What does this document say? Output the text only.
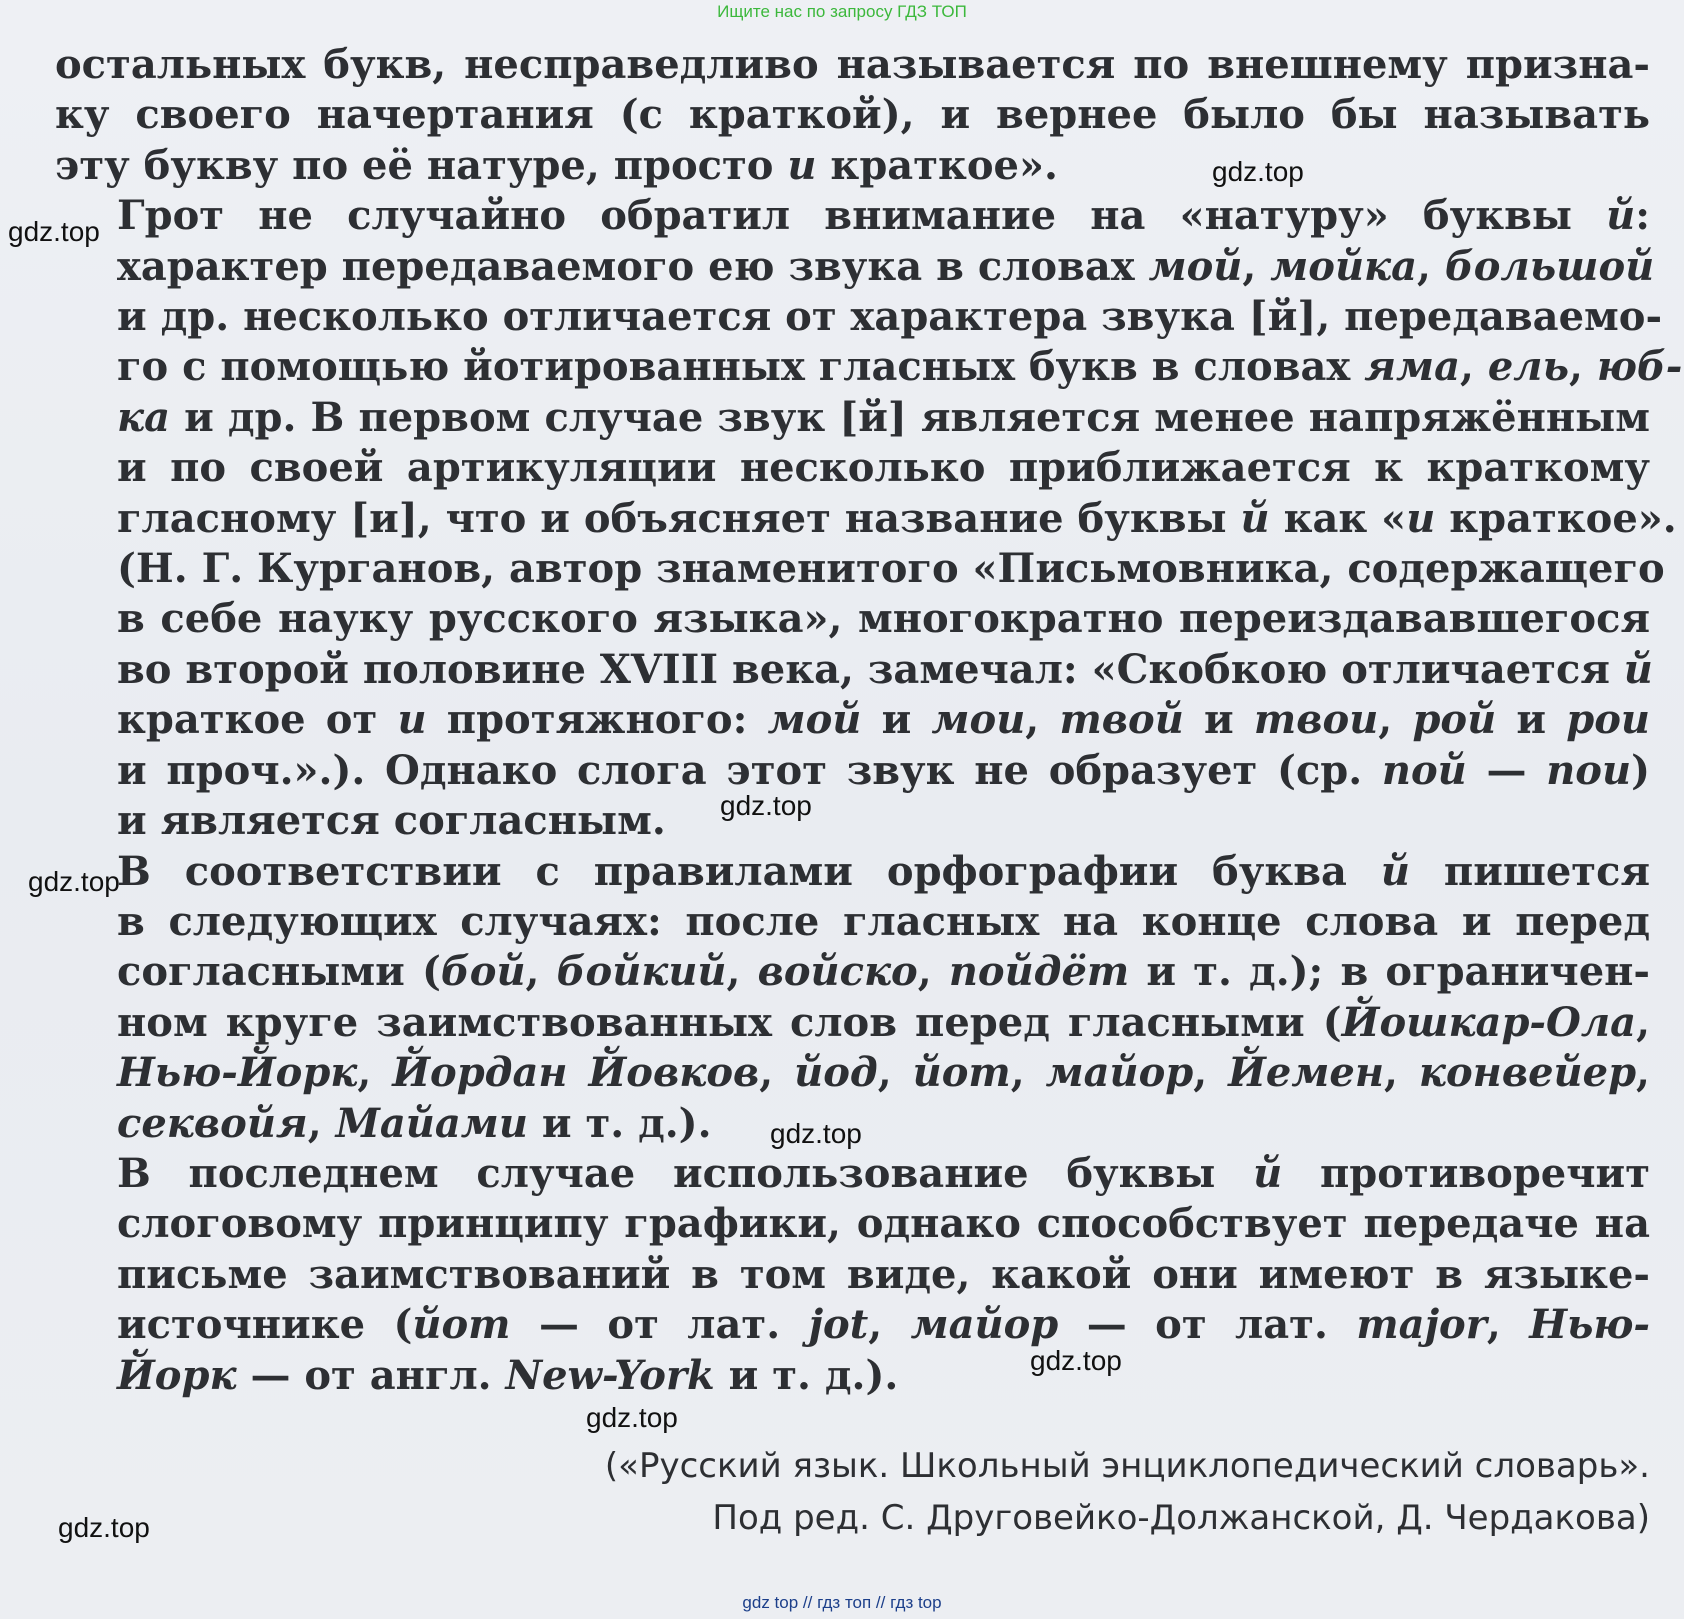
Ищите нас по запросу ГДЗ ТОП

остальных букв, несправедливо называется по внешнему призна-
ку своего начертания (с краткой), и вернее было бы называть
эту букву по её натуре, просто и краткое».

Грот не случайно обратил внимание на «натуру» буквы й:
характер передаваемого ею звука в словах мой, мойка, большой
и др. несколько отличается от характера звука [й], передаваемо-
го с помощью йотированных гласных букв в словах яма, ель, юб-
ка и др. В первом случае звук [й] является менее напряжённым
и по своей артикуляции несколько приближается к краткому
гласному [и], что и объясняет название буквы й как «и краткое».
(Н. Г. Курганов, автор знаменитого «Письмовника, содержащего
в себе науку русского языка», многократно переиздававшегося
во второй половине XVIII века, замечал: «Скобкою отличается й
краткое от и протяжного: мой и мои, твой и твои, рой и рои
и проч.».). Однако слога этот звук не образует (ср. пой — пои)
и является согласным.

В соответствии с правилами орфографии буква й пишется
в следующих случаях: после гласных на конце слова и перед
согласными (бой, бойкий, войско, пойдёт и т. д.); в ограничен-
ном круге заимствованных слов перед гласными (Йошкар-Ола,
Нью-Йорк, Йордан Йовков, йод, йот, майор, Йемен, конвейер,
секвойя, Майами и т. д.).

В последнем случае использование буквы й противоречит
слоговому принципу графики, однако способствует передаче на
письме заимствований в том виде, какой они имеют в языке-
источнике (йот — от лат. jot, майор — от лат. major, Нью-
Йорк — от англ. New-York и т. д.).

(«Русский язык. Школьный энциклопедический словарь».
Под ред. С. Друговейко-Должанской, Д. Чердакова)
gdz.top
gdz.top
gdz.top
gdz.top
gdz.top
gdz.top
gdz.top
gdz.top
gdz top // гдз топ // гдз top
